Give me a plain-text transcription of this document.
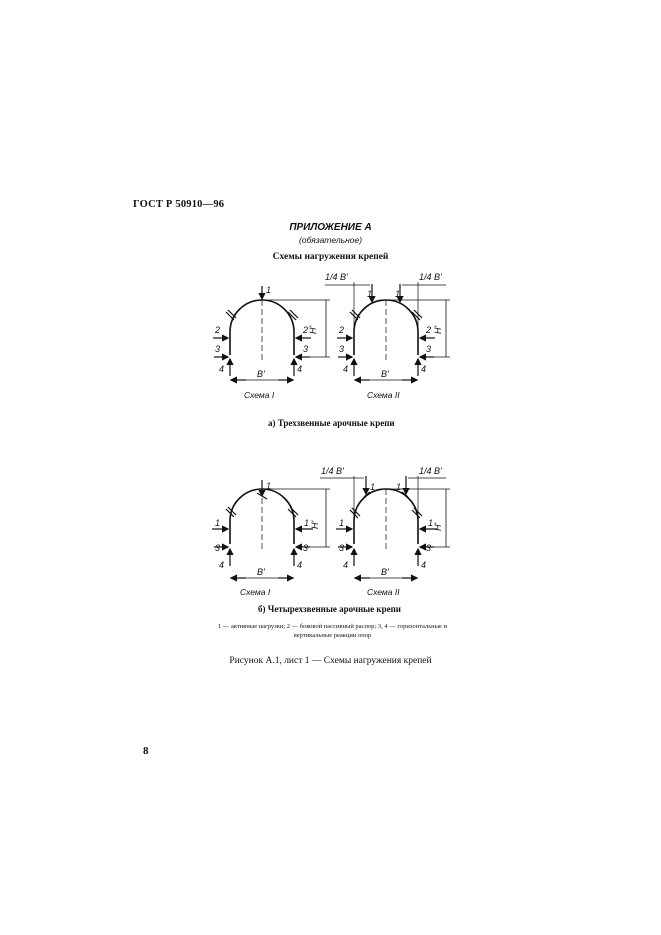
ГОСТ Р 50910—96
ПРИЛОЖЕНИЕ А
(обязательное)
Схемы нагружения крепей
1
2	2
3	3
4	4
B'
H'
Схема I
1/4 B'	1/4 B'
1	1
2	2
3	3
4	4
B'
H'
Схема II
1
1	1
3	3
4	4
B'
H'
Схема I
1/4 B'	1/4 B'
1 1
1	1
3	3
4	4
B'
H'
Схема II
а) Трехзвенные арочные крепи
б) Четырехзвенные арочные крепи
1 — активные нагрузки; 2 — боковой пассивный распор; 3, 4 — горизонтальные и вертикальные реакции опор
Рисунок А.1, лист 1 — Схемы нагружения крепей
8
